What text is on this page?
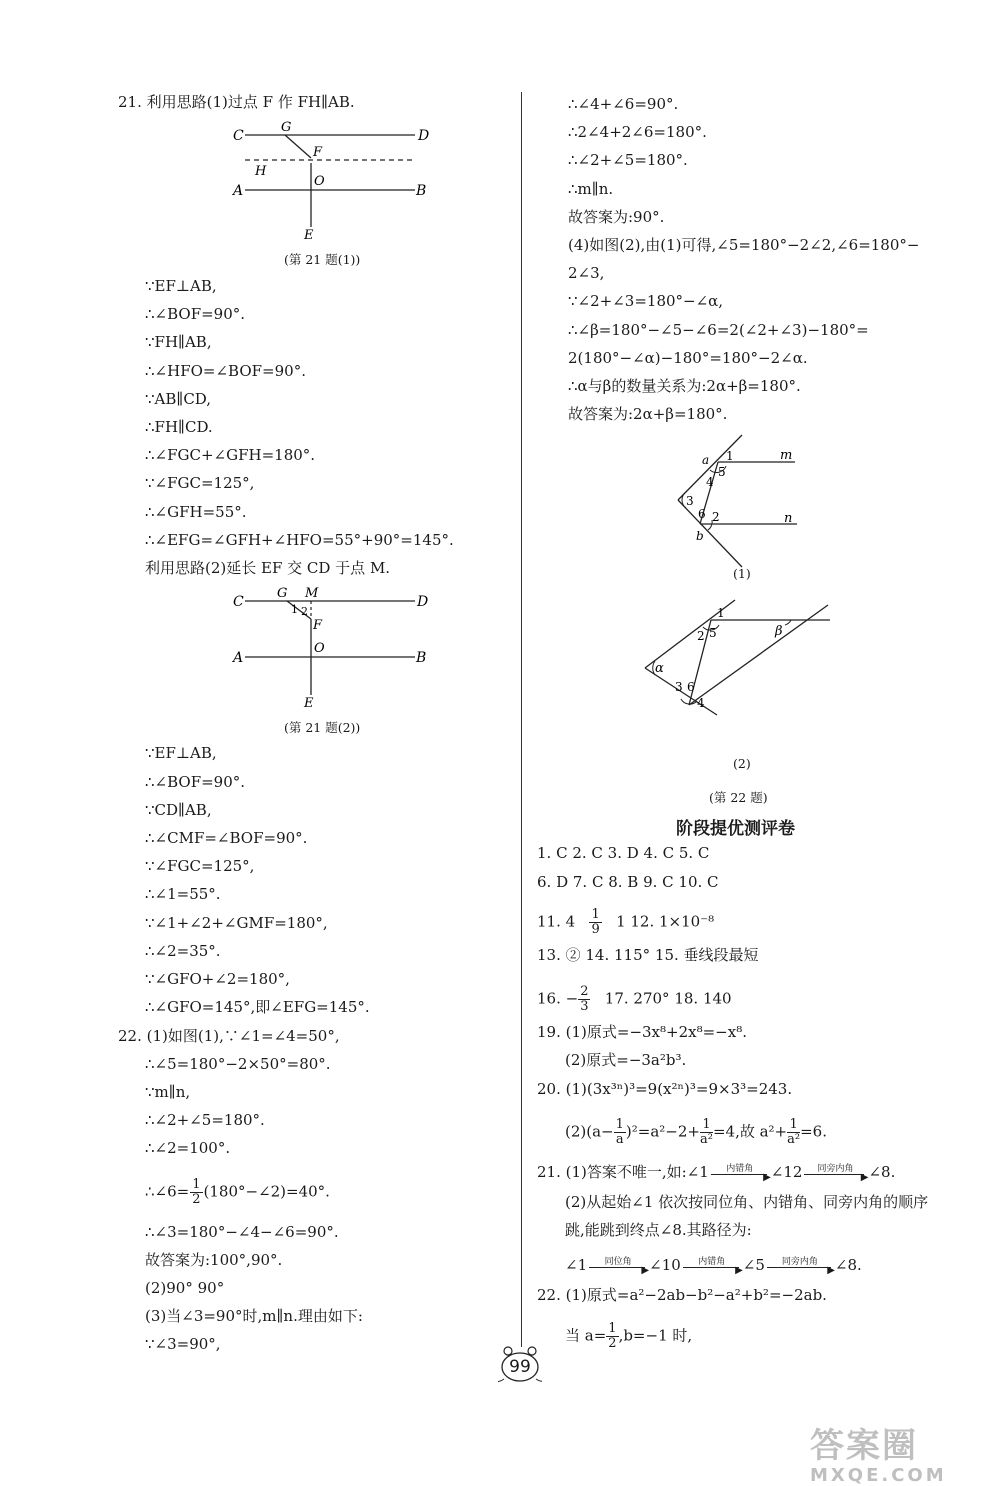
21. 利用思路(1)过点 F 作 FH∥AB.
C
G
D
F
H
A
O
B
E
(第 21 题(1))
∵EF⊥AB,
∴∠BOF=90°.
∵FH∥AB,
∴∠HFO=∠BOF=90°.
∵AB∥CD,
∴FH∥CD.
∴∠FGC+∠GFH=180°.
∵∠FGC=125°,
∴∠GFH=55°.
∴∠EFG=∠GFH+∠HFO=55°+90°=145°.
利用思路(2)延长 EF 交 CD 于点 M.
C
G M
D
1 2
F
A
O
B
E
(第 21 题(2))
∵EF⊥AB,
∴∠BOF=90°.
∵CD∥AB,
∴∠CMF=∠BOF=90°.
∵∠FGC=125°,
∴∠1=55°.
∵∠1+∠2+∠GMF=180°,
∴∠2=35°.
∵∠GFO+∠2=180°,
∴∠GFO=145°,即∠EFG=145°.
22. (1)如图(1),∵∠1=∠4=50°,
∴∠5=180°−2×50°=80°.
∵m∥n,
∴∠2+∠5=180°.
∴∠2=100°.
∴∠6= $\frac{1}{2}$ (180°−∠2)=40°.
∴∠3=180°−∠4−∠6=90°.
故答案为:100°,90°.
(2)90° 90°
(3)当∠3=90°时,m∥n.理由如下:
∵∠3=90°,
∴∠4+∠6=90°.
∴2∠4+2∠6=180°.
∴∠2+∠5=180°.
∴m∥n.
故答案为:90°.
(4)如图(2),由(1)可得,∠5=180°−2∠2,∠6=180°−
2∠3,
∵∠2+∠3=180°−∠α,
∴∠β=180°−∠5−∠6=2(∠2+∠3)−180°=
2(180°−∠α)−180°=180°−2∠α.
∴α与β的数量关系为:2α+β=180°.
故答案为:2α+β=180°.
a 1	m
4
5
3
6 2	n
b
(1)
1
2 5	β
α
3 6
4
(2)
(第 22 题)
阶段提优测评卷
1. C 2. C 3. D 4. C 5. C
6. D 7. C 8. B 9. C 10. C
11. $4 \frac{1}{9} 1$ 12. 1×10⁻⁸
13. ② 14. 115° 15. 垂线段最短
16. − $\frac{2}{3} 17$. 270° 18. 140
19. (1)原式=−3x⁸+2x⁸=−x⁸.
(2)原式=−3a²b³.
20. (1)(3x³ⁿ)³=9(x²ⁿ)³=9×3³=243.
$(2)(a- \frac{1}{a} )^2=a^2-2+ \frac{1}{\text{a²}} =4$,故 $a^2+ \frac{1}{\text{a²}} =6$.
21. (1)答案不唯一,如:∠1	内错角
▶ ∠12	同旁内角
▶ ∠8.
(2)从起始∠1 依次按同位角、内错角、同旁内角的顺序
跳,能跳到终点∠8.其路径为:
∠1	同位角
▶ ∠10	内错角
▶ ∠5	同旁内角
▶ ∠8.
22. (1)原式=a²−2ab−b²−a²+b²=−2ab.
当 $a= \frac{1}{2} ,b=-1$ 时,
99
答案圈
MXQE.COM
